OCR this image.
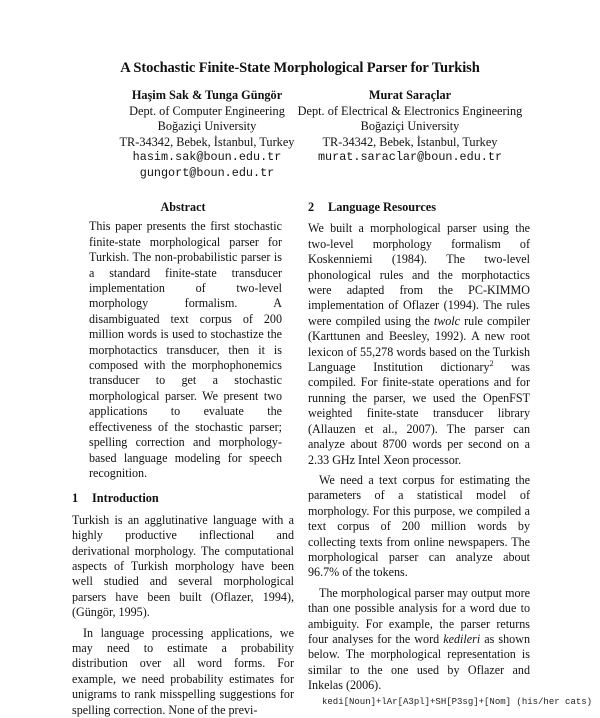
A Stochastic Finite-State Morphological Parser for Turkish
Haşim Sak & Tunga Güngör
Dept. of Computer Engineering
Boğaziçi University
TR-34342, Bebek, İstanbul, Turkey
hasim.sak@boun.edu.tr
gungort@boun.edu.tr
Murat Saraçlar
Dept. of Electrical & Electronics Engineering
Boğaziçi University
TR-34342, Bebek, İstanbul, Turkey
murat.saraclar@boun.edu.tr
Abstract
This paper presents the first stochastic finite-state morphological parser for Turkish. The non-probabilistic parser is a standard finite-state transducer implementation of two-level morphology formalism. A disambiguated text corpus of 200 million words is used to stochastize the morphotactics transducer, then it is composed with the morphophonemics transducer to get a stochastic morphological parser. We present two applications to evaluate the effectiveness of the stochastic parser; spelling correction and morphology-based language modeling for speech recognition.
1 Introduction

Turkish is an agglutinative language with a highly productive inflectional and derivational morphology. The computational aspects of Turkish morphology have been well studied and several morphological parsers have been built (Oflazer, 1994), (Güngör, 1995).

In language processing applications, we may need to estimate a probability distribution over all word forms. For example, we need probability estimates for unigrams to rank misspelling suggestions for spelling correction. None of the previ-

2 Language Resources

We built a morphological parser using the two-level morphology formalism of Koskenniemi (1984). The two-level phonological rules and the morphotactics were adapted from the PC-KIMMO implementation of Oflazer (1994). The rules were compiled using the twolc rule compiler (Karttunen and Beesley, 1992). A new root lexicon of 55,278 words based on the Turkish Language Institution dictionary$^2$ was compiled. For finite-state operations and for running the parser, we used the OpenFST weighted finite-state transducer library (Allauzen et al., 2007). The parser can analyze about 8700 words per second on a 2.33 GHz Intel Xeon processor.

We need a text corpus for estimating the parameters of a statistical model of morphology. For this purpose, we compiled a text corpus of 200 million words by collecting texts from online newspapers. The morphological parser can analyze about 96.7% of the tokens.

The morphological parser may output more than one possible analysis for a word due to ambiguity. For example, the parser returns four analyses for the word kedileri as shown below. The morphological representation is similar to the one used by Oflazer and Inkelas (2006).

kedi[Noun]+lAr[A3pl]+SH[P3sg]+[Nom] (his/her cats)
